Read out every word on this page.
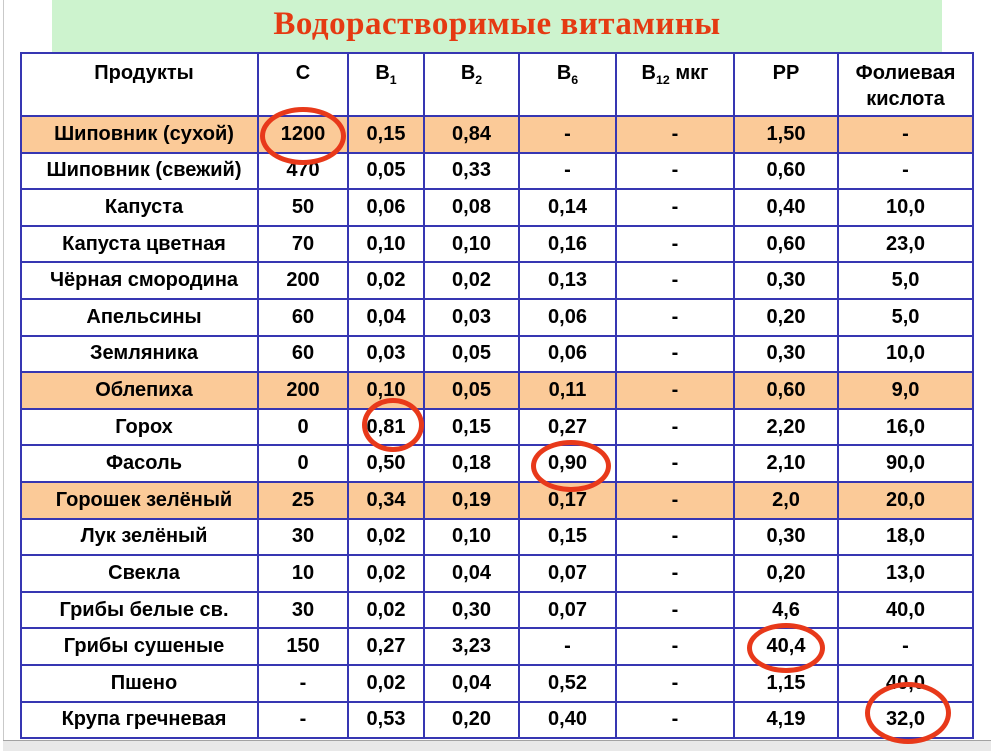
Водорастворимые витамины
Продукты	С	$В_1$	$В_2$	$В_6$	$В_{12}$ мкг	РР	Фолиевая кислота
Шиповник (сухой)	1200	0,15	0,84	-	-	1,50	-
Шиповник (свежий)	470	0,05	0,33	-	-	0,60	-
Капуста	50	0,06	0,08	0,14	-	0,40	10,0
Капуста цветная	70	0,10	0,10	0,16	-	0,60	23,0
Чёрная смородина	200	0,02	0,02	0,13	-	0,30	5,0
Апельсины	60	0,04	0,03	0,06	-	0,20	5,0
Земляника	60	0,03	0,05	0,06	-	0,30	10,0
Облепиха	200	0,10	0,05	0,11	-	0,60	9,0
Горох	0	0,81	0,15	0,27	-	2,20	16,0
Фасоль	0	0,50	0,18	0,90	-	2,10	90,0
Горошек зелёный	25	0,34	0,19	0,17	-	2,0	20,0
Лук зелёный	30	0,02	0,10	0,15	-	0,30	18,0
Свекла	10	0,02	0,04	0,07	-	0,20	13,0
Грибы белые св.	30	0,02	0,30	0,07	-	4,6	40,0
Грибы сушеные	150	0,27	3,23	-	-	40,4	-
Пшено	-	0,02	0,04	0,52	-	1,15	40,0
Крупа гречневая	-	0,53	0,20	0,40	-	4,19	32,0
